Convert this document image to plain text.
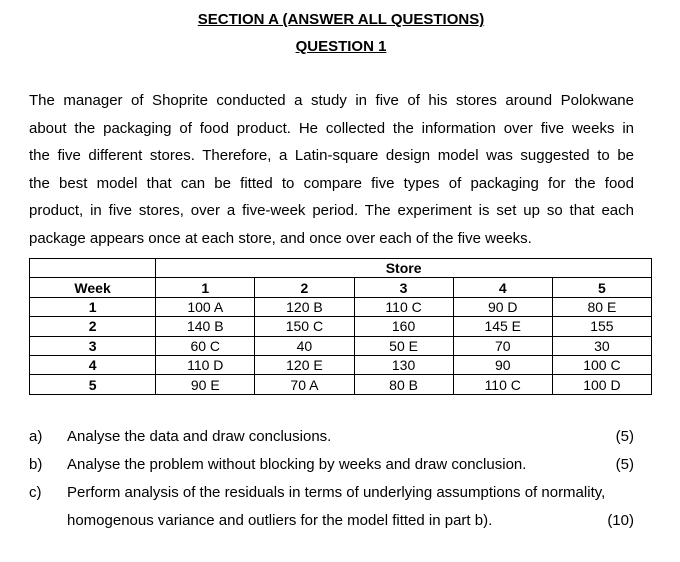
SECTION A (ANSWER ALL QUESTIONS)
QUESTION 1
The manager of Shoprite conducted a study in five of his stores around Polokwane
about the packaging of food product. He collected the information over five weeks in
the five different stores. Therefore, a Latin-square design model was suggested to be
the best model that can be fitted to compare five types of packaging for the food
product, in five stores, over a five-week period. The experiment is set up so that each
package appears once at each store, and once over each of the five weeks.
	Store				
Week	1	2	3	4	5
1	100 A	120 B	110 C	90 D	80 E
2	140 B	150 C	160	145 E	155
3	60 C	40	50 E	70	30
4	110 D	120 E	130	90	100 C
5	90 E	70 A	80 B	110 C	100 D
a) Analyse the data and draw conclusions.	(5)
b) Analyse the problem without blocking by weeks and draw conclusion.	(5)
c) Perform analysis of the residuals in terms of underlying assumptions of normality,
homogenous variance and outliers for the model fitted in part b).	(10)
